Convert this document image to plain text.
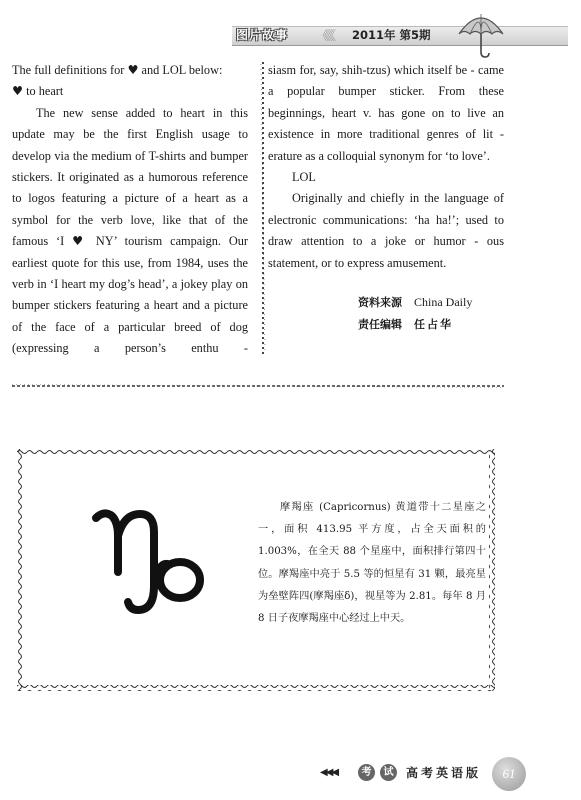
图片故事 《《《 2011年 第5期

The full definitions for ♥ and LOL below:

♥ to heart

The new sense added to heart in this update may be the first English usage to develop via the medium of T-shirts and bumper stickers. It originated as a humorous reference to logos featuring a picture of a heart as a symbol for the verb love, like that of the famous ‘I ♥ NY’ tourism campaign. Our earliest quote for this use, from 1984, uses the verb in ‘I heart my dog’s head’, a jokey play on bumper stickers featuring a heart and a picture of the face of a particular breed of dog (expressing a person’s enthu -

siasm for, say, shih-tzus) which itself be - came a popular bumper sticker. From these beginnings, heart v. has gone on to live an existence in more traditional genres of lit - erature as a colloquial synonym for ‘to love’.

LOL

Originally and chiefly in the language of electronic communications: ‘ha ha!’; used to draw attention to a joke or humor - ous statement, or to express amusement.

资料来源 China Daily
责任编辑 任占华

摩羯座 (Capricornus) 黄道带十二星座之一，面积 413.95 平方度，占全天面积的 1.003%，在全天 88 个星座中，面积排行第四十位。摩羯座中亮于 5.5 等的恒星有 31 颗，最亮星为垒壁阵四(摩羯座δ)，视星等为 2.81。每年 8 月 8 日子夜摩羯座中心经过上中天。

◀◀◀	考	试 高考英语版	61
